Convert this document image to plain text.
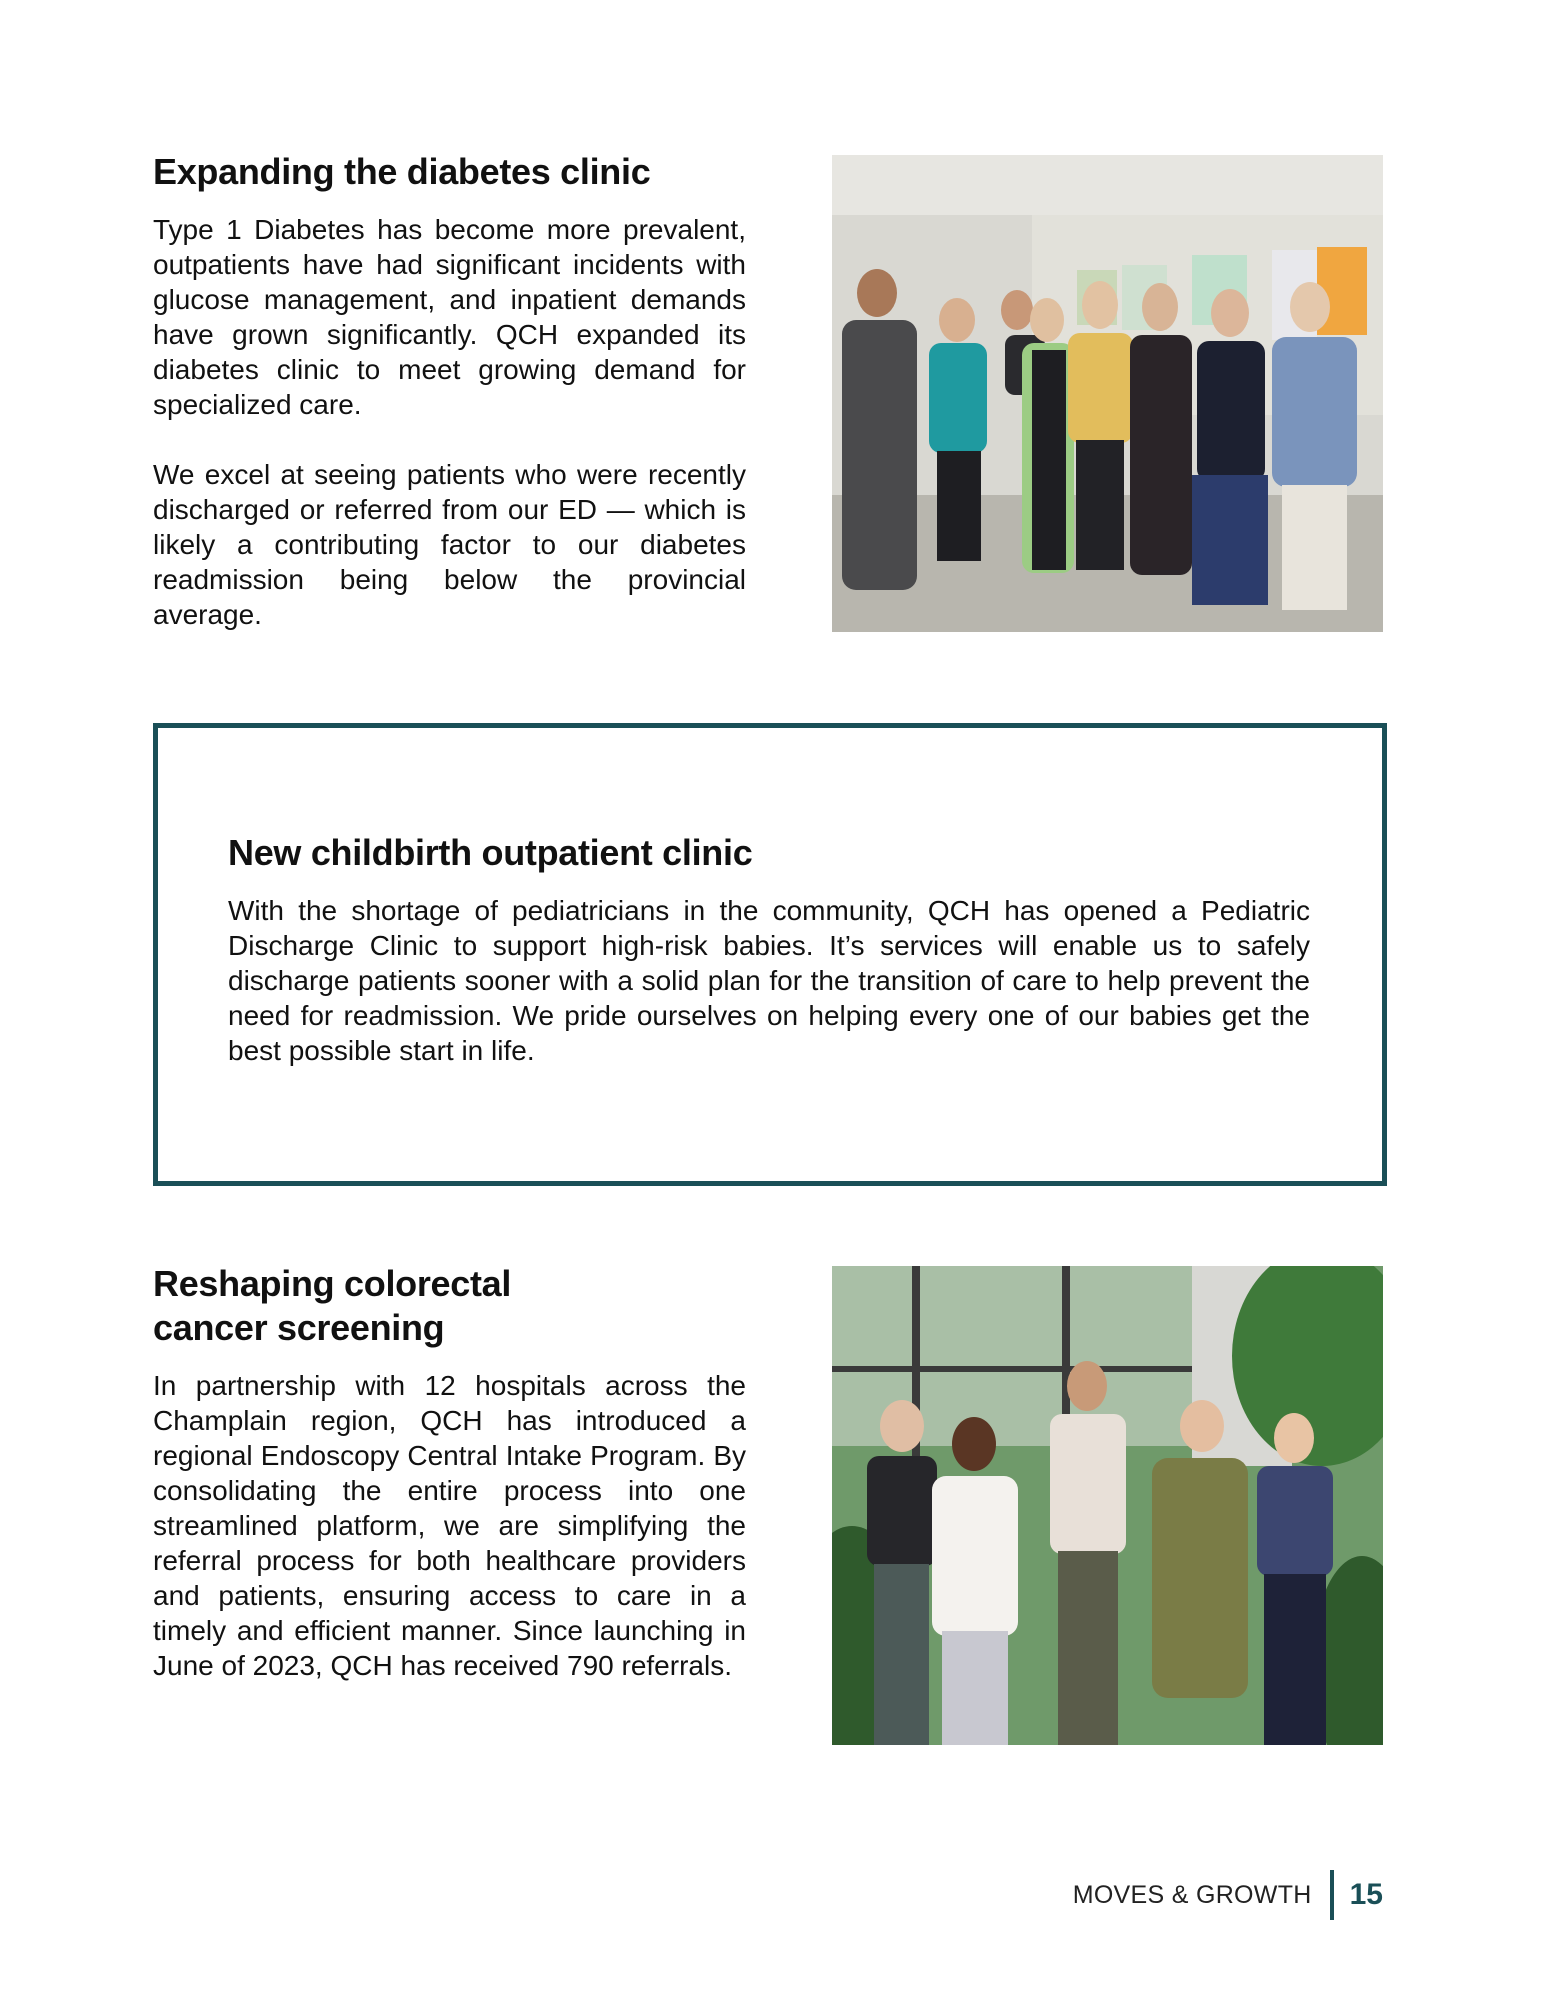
Expanding the diabetes clinic

Type 1 Diabetes has become more prevalent, outpatients have had significant incidents with glucose management, and inpatient demands have grown significantly. QCH expanded its diabetes clinic to meet growing demand for specialized care.

We excel at seeing patients who were recently discharged or referred from our ED — which is likely a contributing factor to our diabetes readmission being below the provincial average.

New childbirth outpatient clinic

With the shortage of pediatricians in the community, QCH has opened a Pediatric Discharge Clinic to support high-risk babies. It’s services will enable us to safely discharge patients sooner with a solid plan for the transition of care to help prevent the need for readmission. We pride ourselves on helping every one of our babies get the best possible start in life.

Reshaping colorectal
cancer screening

In partnership with 12 hospitals across the Champlain region, QCH has introduced a regional Endoscopy Central Intake Program. By consolidating the entire process into one streamlined platform, we are simplifying the referral process for both healthcare providers and patients, ensuring access to care in a timely and efficient manner. Since launching in June of 2023, QCH has received 790 referrals.

MOVES & GROWTH 15
